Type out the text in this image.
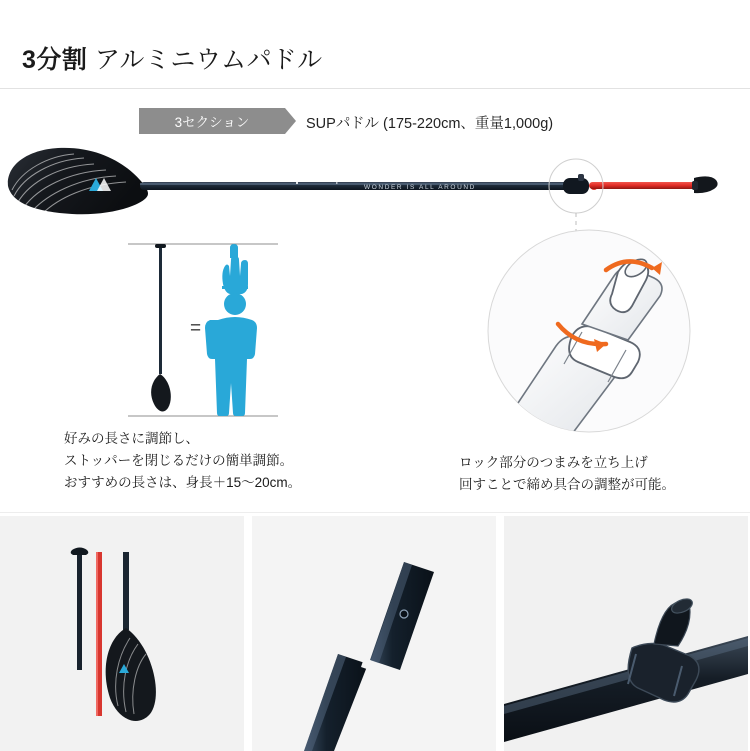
3分割 アルミニウムパドル
3セクション	SUPパドル (175-220cm、重量1,000g)
WONDER IS ALL AROUND
=
好みの長さに調節し、
ストッパーを閉じるだけの簡単調節。
おすすめの長さは、身長＋15〜20cm。
ロック部分のつまみを立ち上げ
回すことで締め具合の調整が可能。
